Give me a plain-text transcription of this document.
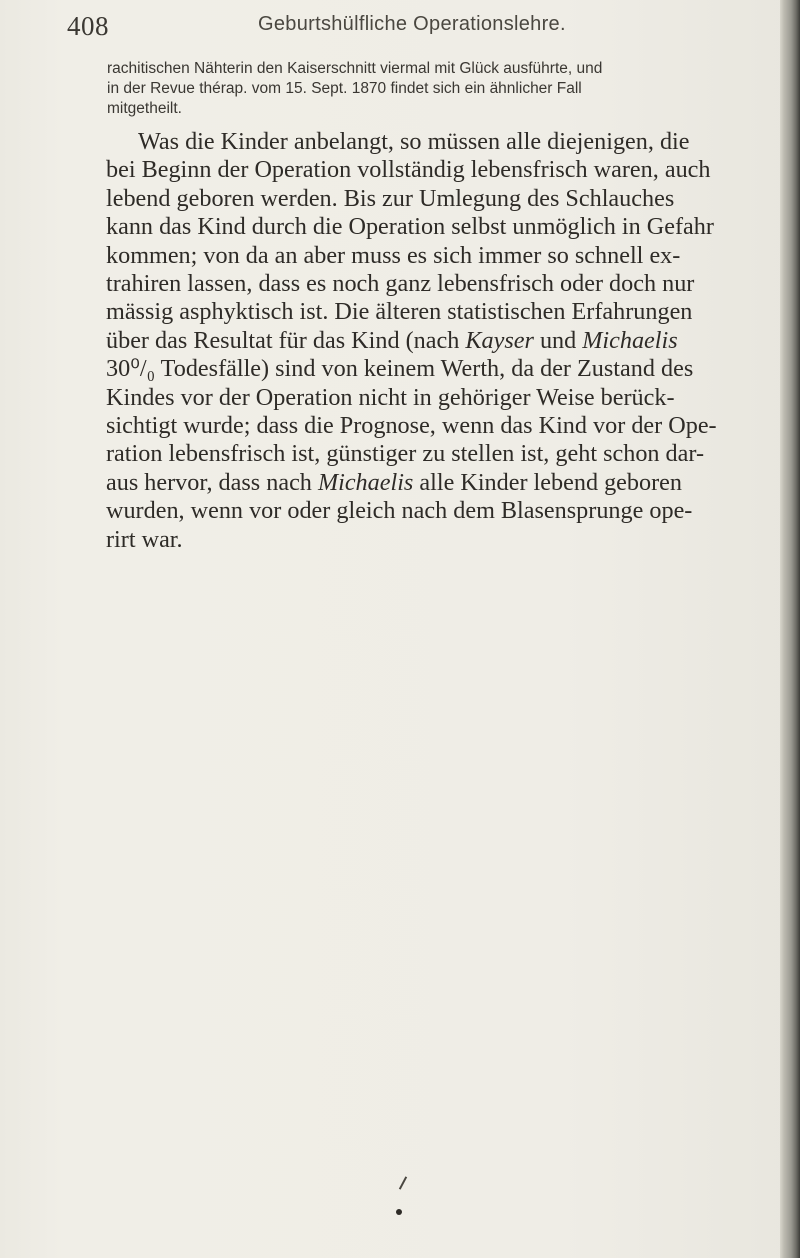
408	Geburtshülfliche Operationslehre.
rachitischen Nähterin den Kaiserschnitt viermal mit Glück ausführte, und
in der Revue thérap. vom 15. Sept. 1870 findet sich ein ähnlicher Fall
mitgetheilt.
Was die Kinder anbelangt, so müssen alle diejenigen, die
bei Beginn der Operation vollständig lebensfrisch waren, auch
lebend geboren werden. Bis zur Umlegung des Schlauches
kann das Kind durch die Operation selbst unmöglich in Gefahr
kommen; von da an aber muss es sich immer so schnell ex-
trahiren lassen, dass es noch ganz lebensfrisch oder doch nur
mässig asphyktisch ist. Die älteren statistischen Erfahrungen
über das Resultat für das Kind (nach Kayser und Michaelis
30⁰/₀ Todesfälle) sind von keinem Werth, da der Zustand des
Kindes vor der Operation nicht in gehöriger Weise berück-
sichtigt wurde; dass die Prognose, wenn das Kind vor der Ope-
ration lebensfrisch ist, günstiger zu stellen ist, geht schon dar-
aus hervor, dass nach Michaelis alle Kinder lebend geboren
wurden, wenn vor oder gleich nach dem Blasensprunge ope-
rirt war.
